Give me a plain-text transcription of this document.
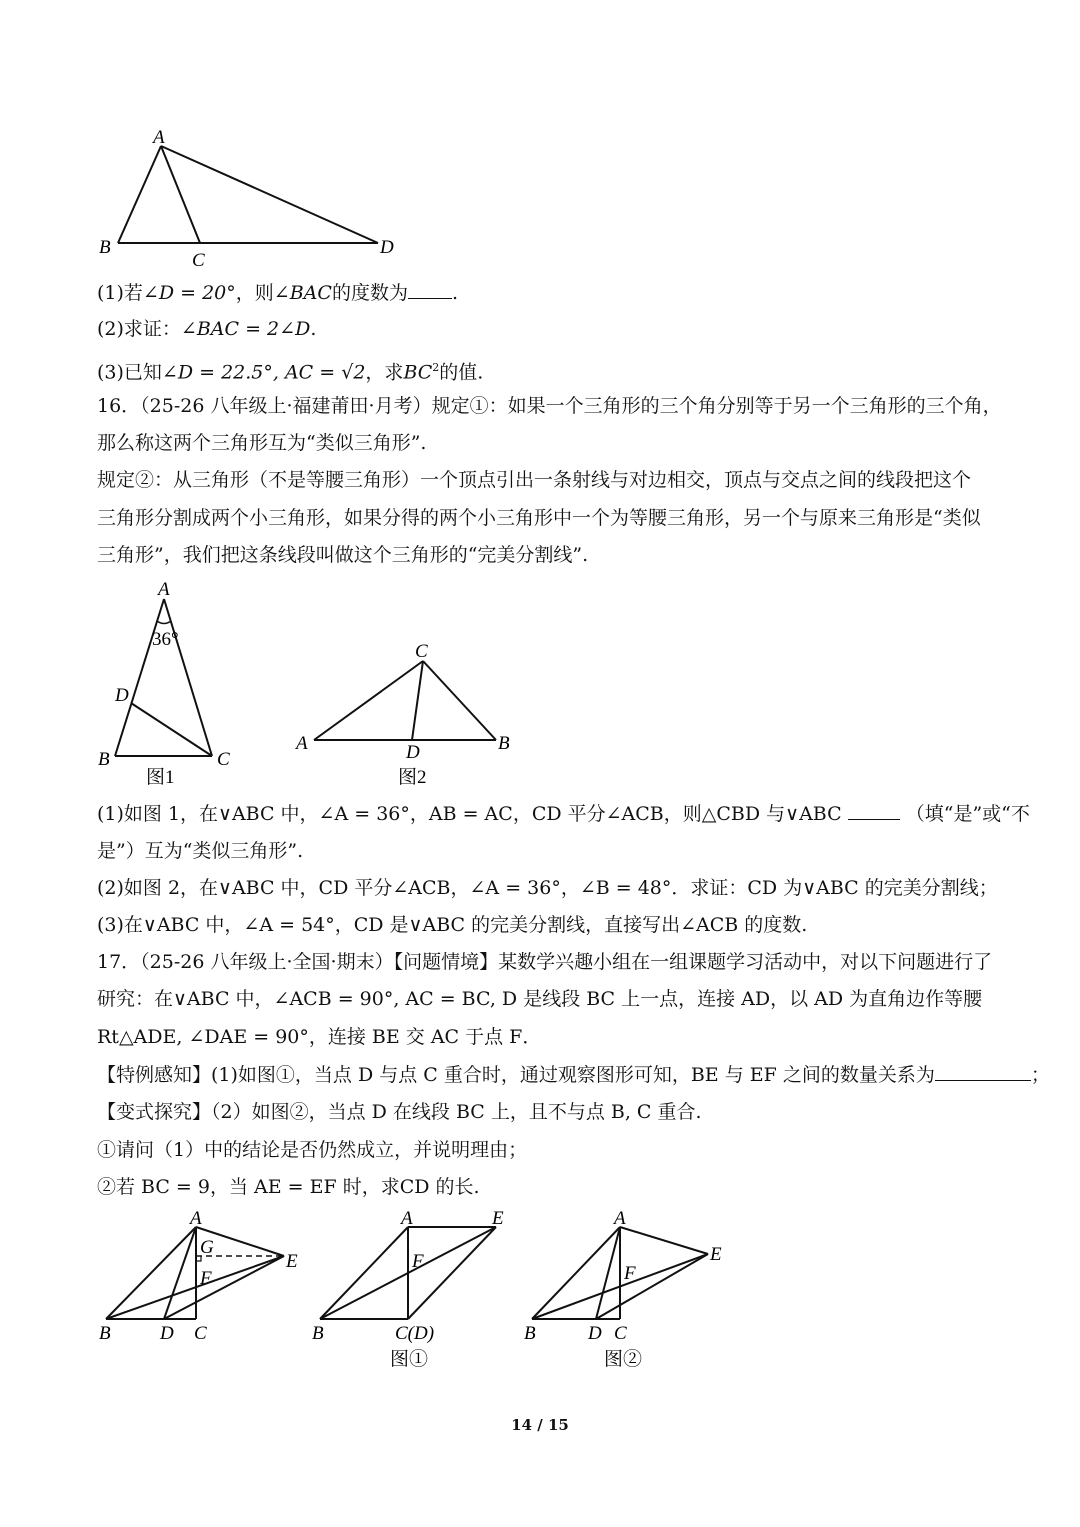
A
B
C
D
(1)若∠D = 20°，则∠BAC的度数为 .
(2)求证：∠BAC = 2∠D.
(3)已知∠D = 22.5°, AC = √2，求$BC^2$的值.
16．（25-26 八年级上·福建莆田·月考）规定①：如果一个三角形的三个角分别等于另一个三角形的三个角，
那么称这两个三角形互为“类似三角形”.
规定②：从三角形（不是等腰三角形）一个顶点引出一条射线与对边相交，顶点与交点之间的线段把这个
三角形分割成两个小三角形，如果分得的两个小三角形中一个为等腰三角形，另一个与原来三角形是“类似
三角形”，我们把这条线段叫做这个三角形的“完美分割线”.
A
36°
D
B	C
图1
C
A	D	B
图2
(1)如图 1，在∨ABC 中，∠A = 36°，AB = AC，CD 平分∠ACB，则△CBD 与∨ABC	（填“是”或“不
是”）互为“类似三角形”.
(2)如图 2，在∨ABC 中，CD 平分∠ACB，∠A = 36°，∠B = 48°．求证：CD 为∨ABC 的完美分割线；
(3)在∨ABC 中，∠A = 54°，CD 是∨ABC 的完美分割线，直接写出∠ACB 的度数.
17．（25-26 八年级上·全国·期末）【问题情境】某数学兴趣小组在一组课题学习活动中，对以下问题进行了
研究：在∨ABC 中，∠ACB = 90°, AC = BC, D 是线段 BC 上一点，连接 AD，以 AD 为直角边作等腰
Rt△ADE, ∠DAE = 90°，连接 BE 交 AC 于点 F．
【特例感知】(1)如图①，当点 D 与点 C 重合时，通过观察图形可知，BE 与 EF 之间的数量关系为	；
【变式探究】（2）如图②，当点 D 在线段 BC 上，且不与点 B, C 重合.
①请问（1）中的结论是否仍然成立，并说明理由；
②若 BC = 9，当 AE = EF 时，求CD 的长.
A
G
F
E
B	D C
A	E
F
B	C(D)
图①
A
E
F
B	D C
图②
14 / 15
